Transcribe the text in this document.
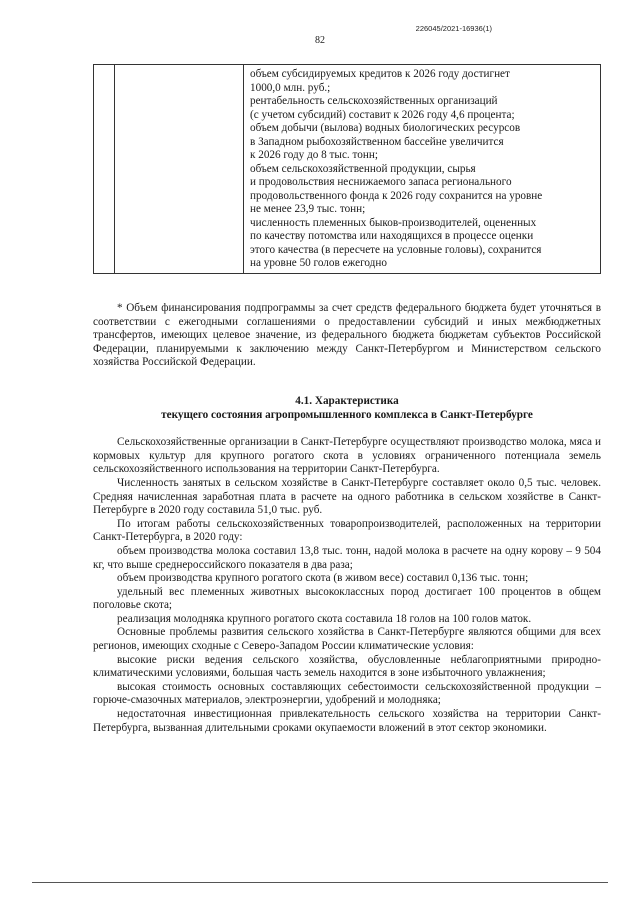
226045/2021-16936(1)
82

объем субсидируемых кредитов к 2026 году достигнет
1000,0 млн. руб.;
рентабельность сельскохозяйственных организаций
(с учетом субсидий) составит к 2026 году 4,6 процента;
объем добычи (вылова) водных биологических ресурсов
в Западном рыбохозяйственном бассейне увеличится
к 2026 году до 8 тыс. тонн;
объем сельскохозяйственной продукции, сырья
и продовольствия неснижаемого запаса регионального
продовольственного фонда к 2026 году сохранится на уровне
не менее 23,9 тыс. тонн;
численность племенных быков-производителей, оцененных
по качеству потомства или находящихся в процессе оценки
этого качества (в пересчете на условные головы), сохранится
на уровне 50 голов ежегодно

* Объем финансирования подпрограммы за счет средств федерального бюджета будет уточняться в соответствии с ежегодными соглашениями о предоставлении субсидий и иных межбюджетных трансфертов, имеющих целевое значение, из федерального бюджета бюджетам субъектов Российской Федерации, планируемыми к заключению между Санкт-Петербургом и Министерством сельского хозяйства Российской Федерации.

4.1. Характеристика

текущего состояния агропромышленного комплекса в Санкт-Петербурге

Сельскохозяйственные организации в Санкт-Петербурге осуществляют производство молока, мяса и кормовых культур для крупного рогатого скота в условиях ограниченного потенциала земель сельскохозяйственного использования на территории Санкт-Петербурга.

Численность занятых в сельском хозяйстве в Санкт-Петербурге составляет около 0,5 тыс. человек. Средняя начисленная заработная плата в расчете на одного работника в сельском хозяйстве в Санкт-Петербурге в 2020 году составила 51,0 тыс. руб.

По итогам работы сельскохозяйственных товаропроизводителей, расположенных на территории Санкт-Петербурга, в 2020 году:

объем производства молока составил 13,8 тыс. тонн, надой молока в расчете на одну корову – 9 504 кг, что выше среднероссийского показателя в два раза;

объем производства крупного рогатого скота (в живом весе) составил 0,136 тыс. тонн;

удельный вес племенных животных высококлассных пород достигает 100 процентов в общем поголовье скота;

реализация молодняка крупного рогатого скота составила 18 голов на 100 голов маток.

Основные проблемы развития сельского хозяйства в Санкт-Петербурге являются общими для всех регионов, имеющих сходные с Северо-Западом России климатические условия:

высокие риски ведения сельского хозяйства, обусловленные неблагоприятными природно-климатическими условиями, большая часть земель находится в зоне избыточного увлажнения;

высокая стоимость основных составляющих себестоимости сельскохозяйственной продукции – горюче-смазочных материалов, электроэнергии, удобрений и молодняка;

недостаточная инвестиционная привлекательность сельского хозяйства на территории Санкт-Петербурга, вызванная длительными сроками окупаемости вложений в этот сектор экономики.
